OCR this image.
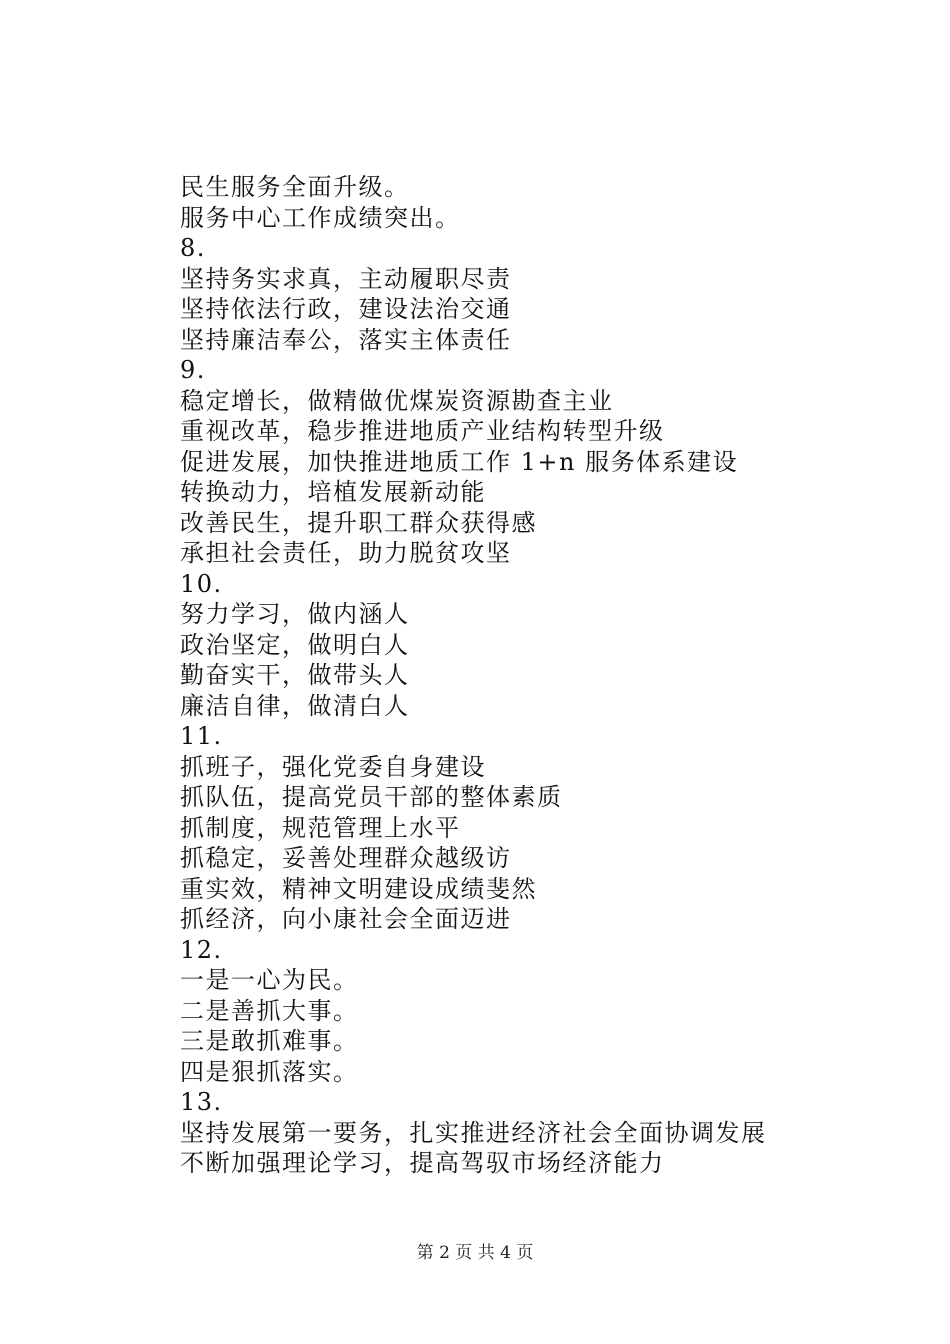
民生服务全面升级。
服务中心工作成绩突出。
8.
坚持务实求真，主动履职尽责
坚持依法行政，建设法治交通
坚持廉洁奉公，落实主体责任
9.
稳定增长，做精做优煤炭资源勘查主业
重视改革，稳步推进地质产业结构转型升级
促进发展，加快推进地质工作 1+n 服务体系建设
转换动力，培植发展新动能
改善民生，提升职工群众获得感
承担社会责任，助力脱贫攻坚
10.
努力学习，做内涵人
政治坚定，做明白人
勤奋实干，做带头人
廉洁自律，做清白人
11.
抓班子，强化党委自身建设
抓队伍，提高党员干部的整体素质
抓制度，规范管理上水平
抓稳定，妥善处理群众越级访
重实效，精神文明建设成绩斐然
抓经济，向小康社会全面迈进
12.
一是一心为民。
二是善抓大事。
三是敢抓难事。
四是狠抓落实。
13.
坚持发展第一要务，扎实推进经济社会全面协调发展
不断加强理论学习，提高驾驭市场经济能力
第 2 页 共 4 页
